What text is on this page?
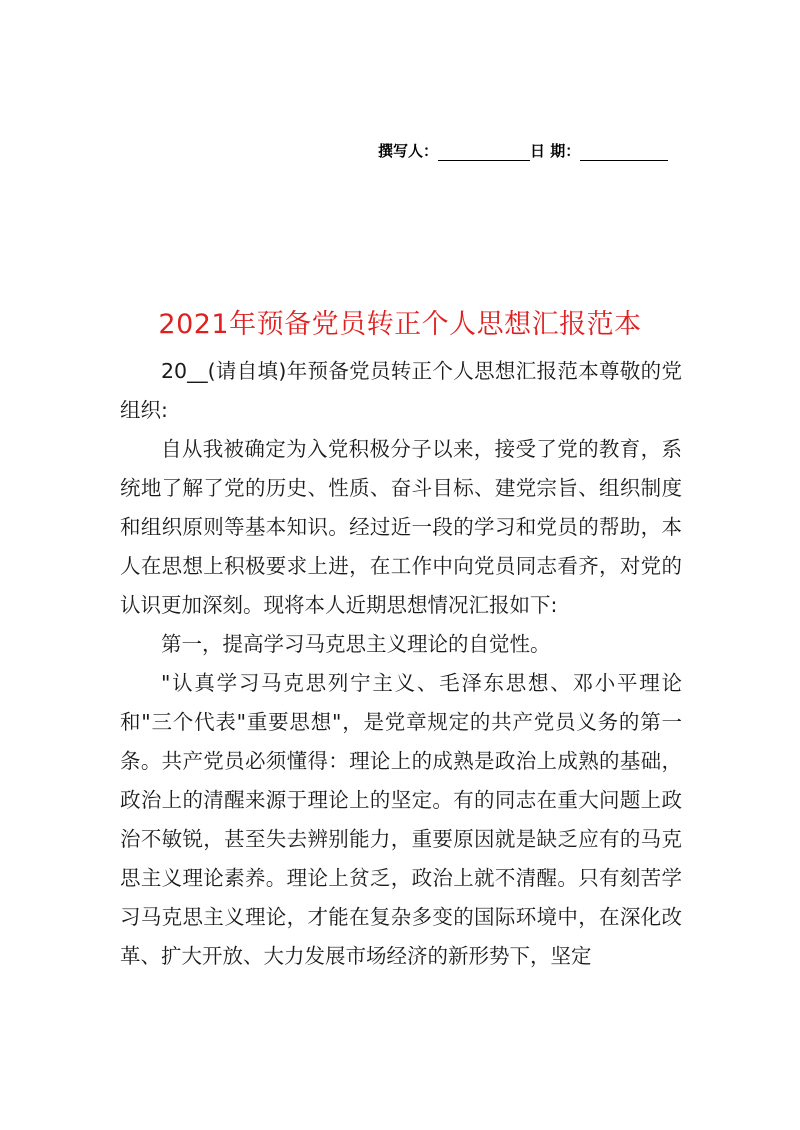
撰写人：	日 期：
2021年预备党员转正个人思想汇报范本

20__(请自填)年预备党员转正个人思想汇报范本尊敬的党组织:

自从我被确定为入党积极分子以来，接受了党的教育，系统地了解了党的历史、性质、奋斗目标、建党宗旨、组织制度和组织原则等基本知识。经过近一段的学习和党员的帮助，本人在思想上积极要求上进，在工作中向党员同志看齐，对党的认识更加深刻。现将本人近期思想情况汇报如下:

第一，提高学习马克思主义理论的自觉性。

"认真学习马克思列宁主义、毛泽东思想、邓小平理论和"三个代表"重要思想"，是党章规定的共产党员义务的第一条。共产党员必须懂得：理论上的成熟是政治上成熟的基础，政治上的清醒来源于理论上的坚定。有的同志在重大问题上政治不敏锐，甚至失去辨别能力，重要原因就是缺乏应有的马克思主义理论素养。理论上贫乏，政治上就不清醒。只有刻苦学习马克思主义理论，才能在复杂多变的国际环境中，在深化改革、扩大开放、大力发展市场经济的新形势下，坚定
